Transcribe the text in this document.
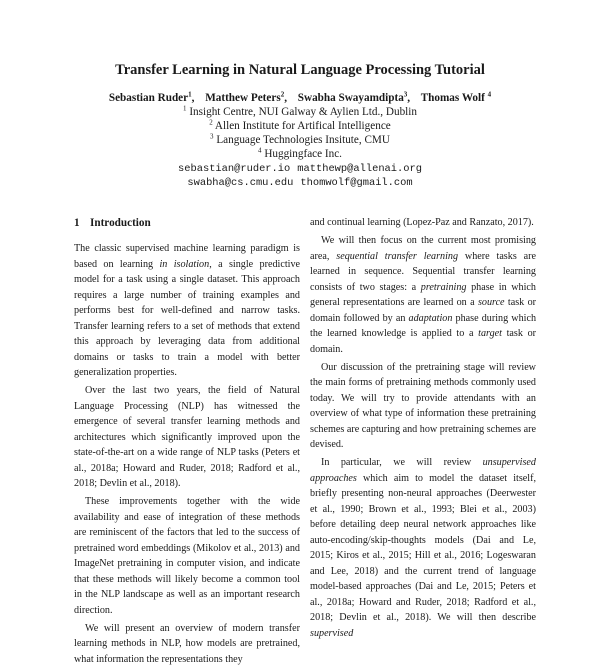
Transfer Learning in Natural Language Processing Tutorial
Sebastian Ruder$^1$, Matthew Peters$^2$, Swabha Swayamdipta$^3$, Thomas Wolf $^4$
$^1$ Insight Centre, NUI Galway & Aylien Ltd., Dublin
$^2$ Allen Institute for Artifical Intelligence
$^3$ Language Technologies Insitute, CMU
$^4$ Huggingface Inc.
sebastian@ruder.io matthewp@allenai.org
swabha@cs.cmu.edu thomwolf@gmail.com
1 Introduction

The classic supervised machine learning paradigm is based on learning in isolation, a single predictive model for a task using a single dataset. This approach requires a large number of training examples and performs best for well-defined and narrow tasks. Transfer learning refers to a set of methods that extend this approach by leveraging data from additional domains or tasks to train a model with better generalization properties.

Over the last two years, the field of Natural Language Processing (NLP) has witnessed the emergence of several transfer learning methods and architectures which significantly improved upon the state-of-the-art on a wide range of NLP tasks (Peters et al., 2018a; Howard and Ruder, 2018; Radford et al., 2018; Devlin et al., 2018).

These improvements together with the wide availability and ease of integration of these methods are reminiscent of the factors that led to the success of pretrained word embeddings (Mikolov et al., 2013) and ImageNet pretraining in computer vision, and indicate that these methods will likely become a common tool in the NLP landscape as well as an important research direction.

We will present an overview of modern transfer learning methods in NLP, how models are pretrained, what information the representations they

and continual learning (Lopez-Paz and Ranzato, 2017).

We will then focus on the current most promising area, sequential transfer learning where tasks are learned in sequence. Sequential transfer learning consists of two stages: a pretraining phase in which general representations are learned on a source task or domain followed by an adaptation phase during which the learned knowledge is applied to a target task or domain.

Our discussion of the pretraining stage will review the main forms of pretraining methods commonly used today. We will try to provide attendants with an overview of what type of information these pretraining schemes are capturing and how pretraining schemes are devised.

In particular, we will review unsupervised approaches which aim to model the dataset itself, briefly presenting non-neural approaches (Deerwester et al., 1990; Brown et al., 1993; Blei et al., 2003) before detailing deep neural network approaches like auto-encoding/skip-thoughts models (Dai and Le, 2015; Kiros et al., 2015; Hill et al., 2016; Logeswaran and Lee, 2018) and the current trend of language model-based approaches (Dai and Le, 2015; Peters et al., 2018a; Howard and Ruder, 2018; Radford et al., 2018; Devlin et al., 2018). We will then describe supervised
